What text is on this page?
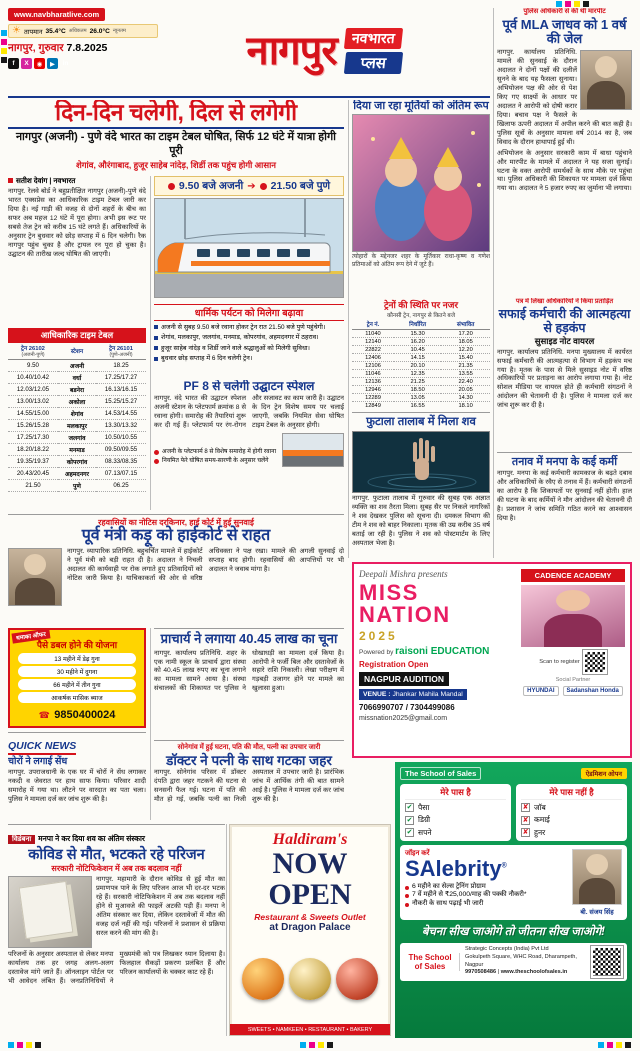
www.navbharatlive.com
☀ तापमान 35.4°C अधिकतम 26.0°C न्यूनतम
नागपुर, गुरुवार 7.8.2025
f	X	◉	▶	in	नागपुर	नवभारत
प्लस

पुलिस अधिकारी से की थी मारपीट

पूर्व MLA जाधव को 1 वर्ष की जेल

नागपुर. कार्यालय प्रतिनिधि. मामले की सुनवाई के दौरान अदालत ने दोनों पक्षों की दलीलें सुनने के बाद यह फैसला सुनाया। अभियोजन पक्ष की ओर से पेश किए गए साक्ष्यों के आधार पर अदालत ने आरोपी को दोषी करार दिया। बचाव पक्ष ने फैसले के खिलाफ ऊपरी अदालत में अपील करने की बात कही है। पुलिस सूत्रों के अनुसार मामला वर्ष 2014 का है, जब विवाद के दौरान हाथापाई हुई थी।

अभियोजन के अनुसार सरकारी काम में बाधा पहुंचाने और मारपीट के मामले में अदालत ने यह सजा सुनाई। घटना के वक्त आरोपी समर्थकों के साथ मौके पर पहुंचा था। पुलिस अधिकारी की शिकायत पर मामला दर्ज किया गया था। अदालत ने 5 हजार रुपए का जुर्माना भी लगाया।

दिन-दिन चलेगी, दिल से लगेगी

नागपुर (अजनी) - पुणे वंदे भारत का टाइम टेबल घोषित, सिर्फ 12 घंटे में यात्रा होगी पूरी

शेगांव, औरंगाबाद, हुजूर साहेब नांदेड़, शिर्डी तक पहुंच होगी आसान

दिया जा रहा मूर्तियों को अंतिम रूप

त्योहारों के मद्देनजर शहर के मूर्तिकार राधा-कृष्ण व गणेश प्रतिमाओं को अंतिम रूप देने में जुटे हैं।

सतीश देवांग | नवभारत

नागपुर. रेलवे बोर्ड ने बहुप्रतीक्षित नागपुर (अजनी)-पुणे वंदे भारत एक्सप्रेस का आधिकारिक टाइम टेबल जारी कर दिया है। नई गाड़ी की वजह से दोनों शहरों के बीच का सफर अब महज 12 घंटे में पूरा होगा। अभी इस रूट पर सबसे तेज ट्रेन को करीब 15 घंटे लगते हैं। अधिकारियों के अनुसार ट्रेन बुधवार को छोड़ सप्ताह में 6 दिन चलेगी। रैक नागपुर पहुंच चुका है और ट्रायल रन पूरा हो चुका है। उद्घाटन की तारीख जल्द घोषित की जाएगी।

9.50 बजे अजनी ➔ 21.50 बजे पुणे
धार्मिक पर्यटन को मिलेगा बढ़ावा
अजनी से सुबह 9.50 बजे रवाना होकर ट्रेन रात 21.50 बजे पुणे पहुंचेगी।
शेगांव, मलकापुर, जलगांव, मनमाड, कोपरगांव, अहमदनगर में ठहराव।
हुजूर साहेब नांदेड़ व शिर्डी जाने वाले श्रद्धालुओं को मिलेगी सुविधा।
बुधवार छोड़ सप्ताह में 6 दिन चलेगी ट्रेन।
आधिकारिक टाइम टेबल
ट्रेन 26102
(अजनी-पुणे)	स्टेशन	ट्रेन 26101
(पुणे-अजनी)
9.50	अजनी	18.25
10.40/10.42	वर्धा	17.25/17.27
12.03/12.05	बडनेरा	16.13/16.15
13.00/13.02	अकोला	15.25/15.27
14.55/15.00	शेगांव	14.53/14.55
15.26/15.28	मलकापुर	13.30/13.32
17.25/17.30	जलगांव	10.50/10.55
18.20/18.22	मनमाड	09.50/09.55
19.35/19.37	कोपरगांव	08.33/08.35
20.43/20.45	अहमदनगर	07.13/07.15
21.50	पुणे	06.25
PF 8 से चलेगी उद्घाटन स्पेशल
नागपुर. वंदे भारत की उद्घाटन स्पेशल अजनी स्टेशन के प्लेटफार्म क्रमांक 8 से रवाना होगी। समारोह की तैयारियां शुरू कर दी गई हैं। प्लेटफार्म पर रंग-रोगन और सजावट का काम जारी है। उद्घाटन के दिन ट्रेन विशेष समय पर चलाई जाएगी, जबकि नियमित सेवा घोषित टाइम टेबल के अनुसार होगी।
अजनी के प्लेटफार्म 8 से विशेष समारोह में होगी रवाना
नियमित फेरे घोषित समय-सारणी के अनुसार चलेंगे
ट्रेनों की स्थिति पर नजर

कौनसी ट्रेन, नागपुर से कितने बजे

ट्रेन नं.	निर्धारित	संभावित
11040	15.30	17.20
12140	16.20	18.05
22822	10.45	12.20
12406	14.15	15.40
12106	20.10	21.35
11046	12.35	13.55
12136	21.25	22.40
12946	18.50	20.05
12289	13.05	14.30
12849	16.55	18.10

पत्र में लिखा अधिकारियों ने किया प्रताड़ित

सफाई कर्मचारी की आत्महत्या से हड़कंप

सुसाइड नोट वायरल

नागपुर. कार्यालय प्रतिनिधि. मनपा मुख्यालय में कार्यरत सफाई कर्मचारी की आत्महत्या से विभाग में हड़कंप मच गया है। मृतक के पास से मिले सुसाइड नोट में वरिष्ठ अधिकारियों पर प्रताड़ना का आरोप लगाया गया है। नोट सोशल मीडिया पर वायरल होते ही कर्मचारी संगठनों ने आंदोलन की चेतावनी दी है। पुलिस ने मामला दर्ज कर जांच शुरू कर दी है।

तनाव में मनपा के कई कर्मी

नागपुर. मनपा के कई कर्मचारी कामकाज के बढ़ते दबाव और अधिकारियों के रवैए से तनाव में हैं। कर्मचारी संगठनों का आरोप है कि शिकायतों पर सुनवाई नहीं होती। हाल की घटना के बाद कर्मियों ने मौन आंदोलन की चेतावनी दी है। प्रशासन ने जांच समिति गठित करने का आश्वासन दिया है।

फुटाला तालाब में मिला शव

नागपुर. फुटाला तालाब में गुरुवार की सुबह एक अज्ञात व्यक्ति का शव तैरता मिला। सुबह सैर पर निकले नागरिकों ने शव देखकर पुलिस को सूचना दी। दमकल विभाग की टीम ने शव को बाहर निकाला। मृतक की उम्र करीब 35 वर्ष बताई जा रही है। पुलिस ने शव को पोस्टमार्टम के लिए अस्पताल भेजा है।

रहवासियों का नोटिस दरकिनार, हाई कोर्ट में हुई सुनवाई

पूर्व मंत्री कड़ू को हाईकोर्ट से राहत
नागपुर. व्यापारिक प्रतिनिधि. बहुचर्चित मामले में हाईकोर्ट ने पूर्व मंत्री को बड़ी राहत दी है। अदालत ने निचली अदालत की कार्यवाही पर रोक लगाते हुए प्रतिवादियों को नोटिस जारी किया है। याचिकाकर्ता की ओर से वरिष्ठ अधिवक्ता ने पक्ष रखा। मामले की अगली सुनवाई दो सप्ताह बाद होगी। रहवासियों की आपत्तियों पर भी अदालत ने जवाब मांगा है।
धमाका ऑफर
पैसे डबल होने की योजना
13 महीने में डेढ़ गुना
30 महीने में दुगना
66 महीने में तीन गुना
आकर्षक मासिक ब्याज

☎ 9850400024

QUICK NEWS
चोरों ने लगाई सेंध

नागपुर. उपराजधानी के एक घर में चोरों ने सेंध लगाकर नकदी व जेवरात पर हाथ साफ किया। परिवार शादी समारोह में गया था। लौटने पर वारदात का पता चला। पुलिस ने मामला दर्ज कर जांच शुरू की है।

विडंबना मनपा ने कर दिया शव का अंतिम संस्कार

कोविड से मौत, भटकते रहे परिजन

सरकारी नोटिफिकेशन में अब तक बदलाव नहीं

नागपुर. महामारी के दौरान कोविड से हुई मौत का प्रमाणपत्र पाने के लिए परिजन आज भी दर-दर भटक रहे हैं। सरकारी नोटिफिकेशन में अब तक बदलाव नहीं होने से मुआवजे की फाइलें अटकी पड़ी हैं। मनपा ने अंतिम संस्कार कर दिया, लेकिन दस्तावेजों में मौत की वजह दर्ज नहीं की गई। परिजनों ने प्रशासन से प्रक्रिया सरल करने की मांग की है।

परिजनों के अनुसार अस्पताल से लेकर मनपा कार्यालय तक हर जगह अलग-अलग दस्तावेज मांगे जाते हैं। ऑनलाइन पोर्टल पर भी आवेदन लंबित हैं। जनप्रतिनिधियों ने मुख्यमंत्री को पत्र लिखकर ध्यान दिलाया है। फिलहाल सैकड़ों प्रकरण प्रलंबित हैं और परिजन कार्यालयों के चक्कर काट रहे हैं।

प्राचार्य ने लगाया 40.45 लाख का चूना
नागपुर. कार्यालय प्रतिनिधि. शहर के एक नामी स्कूल के प्राचार्य द्वारा संस्था को 40.45 लाख रुपए का चूना लगाने का मामला सामने आया है। संस्था संचालकों की शिकायत पर पुलिस ने धोखाधड़ी का मामला दर्ज किया है। आरोपी ने फर्जी बिल और दस्तावेजों के सहारे राशि निकाली। लेखा परीक्षण में गड़बड़ी उजागर होने पर मामले का खुलासा हुआ।

सोनेगांव में हुई घटना, पति की मौत, पत्नी का उपचार जारी

डॉक्टर ने पत्नी के साथ गटका जहर
नागपुर. सोनेगांव परिसर में डॉक्टर दंपति द्वारा जहर गटकने की घटना से सनसनी फैल गई। घटना में पति की मौत हो गई, जबकि पत्नी का निजी अस्पताल में उपचार जारी है। प्रारंभिक जांच में आर्थिक तंगी की बात सामने आई है। पुलिस ने मामला दर्ज कर जांच शुरू की है।

Deepali Mishra presents

MISS NATION

2025

Powered by raisoni EDUCATION

Registration Open

NAGPUR AUDITION

VENUE : Jhankar Mahila Mandal

7066990707 / 7304499086

missnation2025@gmail.com

CADENCE ACADEMY

Scan to register

Social Partner

HYUNDAI	Sadanshan Honda
The School of Sales	ऐडमिशन ओपन
मेरे पास है
✔ पैसा
✔ डिग्री
✔ सपने
मेरे पास नहीं है
✘ जॉब
✘ कमाई
✘ हुनर

जॉइन करें

SAlebrity®
6 महीने का सेल्स ट्रेनिंग प्रोग्राम
7 वें महीने से ₹25,000/माह की पक्की नौकरी*
नौकरी के साथ पढ़ाई भी जारी

बी. संजय सिंह

बेचना सीख जाओगे तो जीतना सीख जाओगे!

The School of Sales

Strategic Concepts (India) Pvt Ltd

Gokulpeth Square, WHC Road, Dharampeth, Nagpur

9970508486 | www.theschoolofsales.in

Haldiram's

NOW
OPEN

Restaurant & Sweets Outlet

at Dragon Palace

SWEETS • NAMKEEN • RESTAURANT • BAKERY
